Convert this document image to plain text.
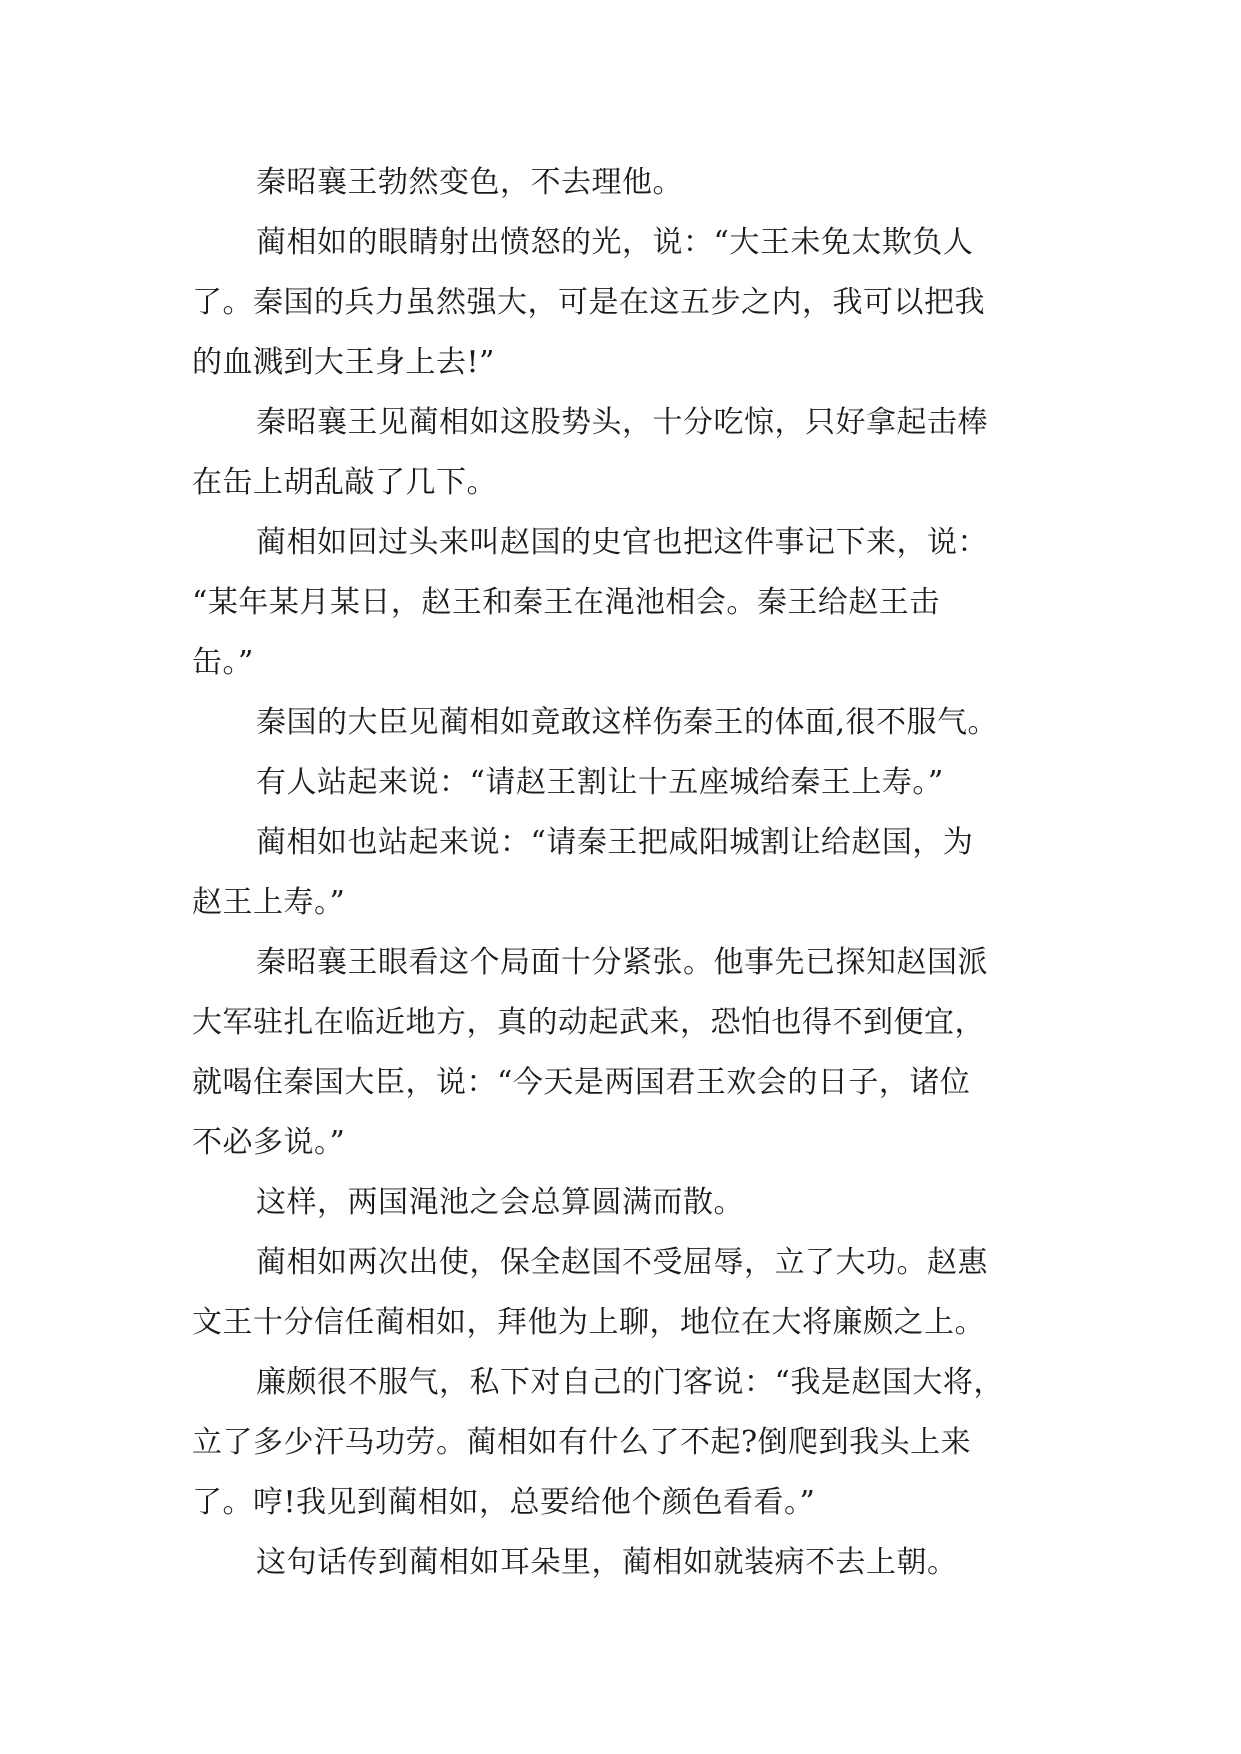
秦昭襄王勃然变色，不去理他。
蔺相如的眼睛射出愤怒的光，说：“大王未免太欺负人
了。秦国的兵力虽然强大，可是在这五步之内，我可以把我
的血溅到大王身上去!”
秦昭襄王见蔺相如这股势头，十分吃惊，只好拿起击棒
在缶上胡乱敲了几下。
蔺相如回过头来叫赵国的史官也把这件事记下来，说：
“某年某月某日，赵王和秦王在渑池相会。秦王给赵王击
缶。”
秦国的大臣见蔺相如竟敢这样伤秦王的体面,很不服气。
有人站起来说：“请赵王割让十五座城给秦王上寿。”
蔺相如也站起来说：“请秦王把咸阳城割让给赵国，为
赵王上寿。”
秦昭襄王眼看这个局面十分紧张。他事先已探知赵国派
大军驻扎在临近地方，真的动起武来，恐怕也得不到便宜，
就喝住秦国大臣，说：“今天是两国君王欢会的日子，诸位
不必多说。”
这样，两国渑池之会总算圆满而散。
蔺相如两次出使，保全赵国不受屈辱，立了大功。赵惠
文王十分信任蔺相如，拜他为上聊，地位在大将廉颇之上。
廉颇很不服气，私下对自己的门客说：“我是赵国大将，
立了多少汗马功劳。蔺相如有什么了不起?倒爬到我头上来
了。哼!我见到蔺相如，总要给他个颜色看看。”
这句话传到蔺相如耳朵里，蔺相如就装病不去上朝。
